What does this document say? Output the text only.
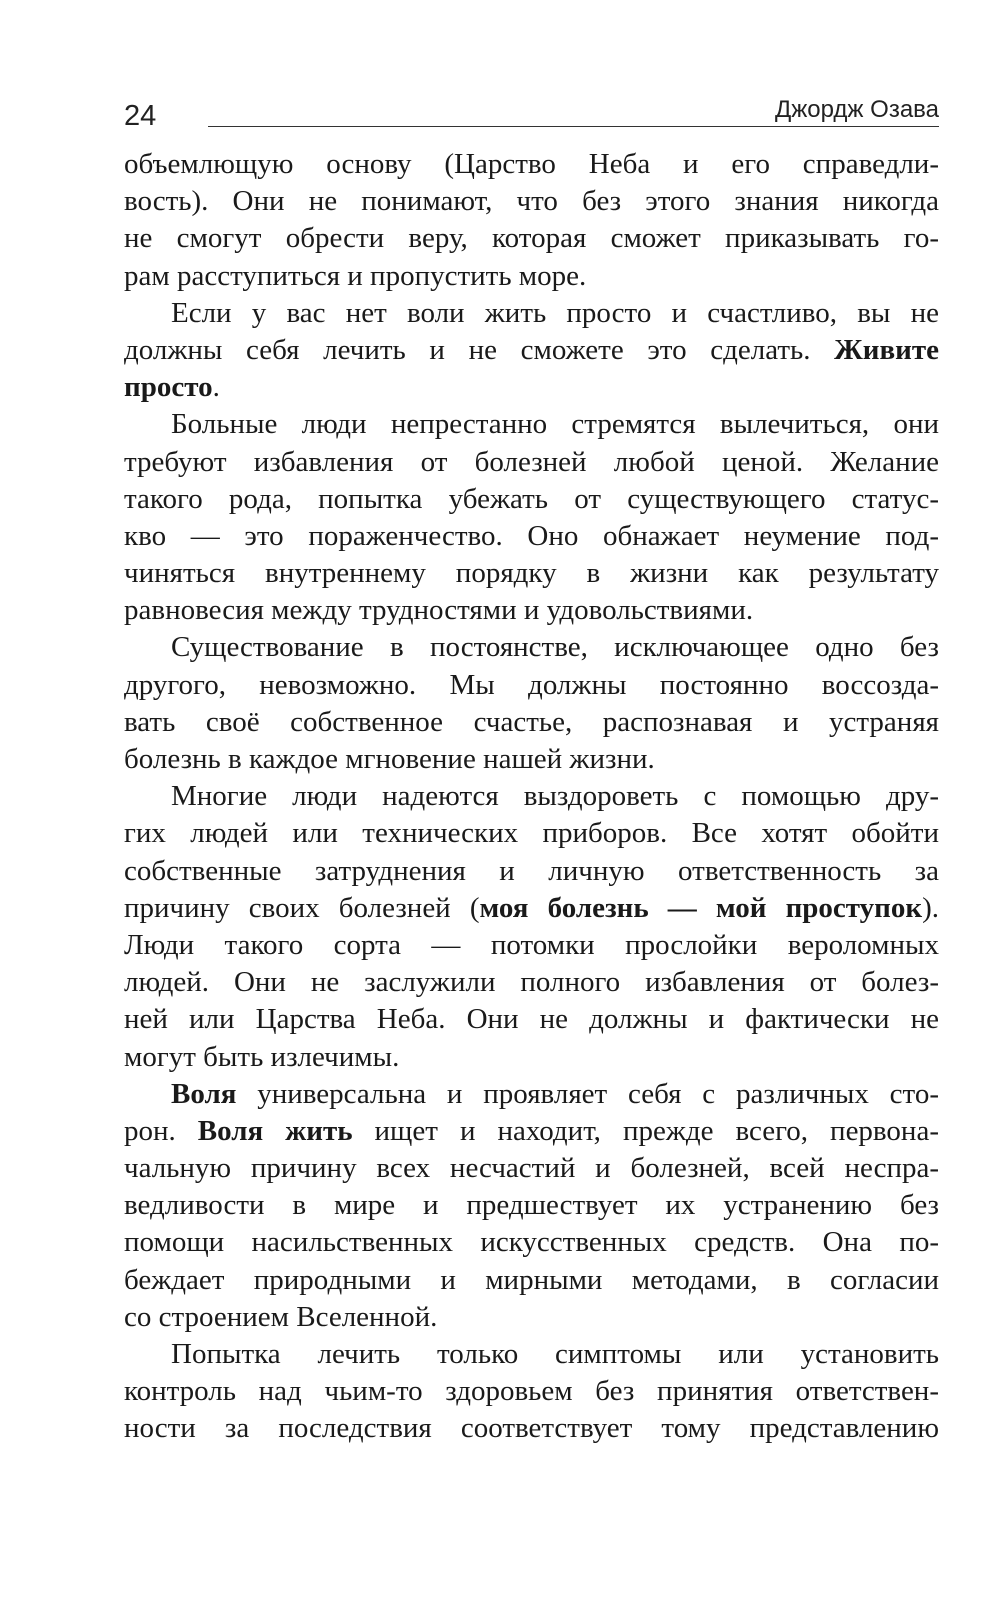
24	Джордж Озава
объемлющую основу (Царство Неба и его справедли-
вость). Они не понимают, что без этого знания никогда
не смогут обрести веру, которая сможет приказывать го-
рам расступиться и пропустить море.
Если у вас нет воли жить просто и счастливо, вы не
должны себя лечить и не сможете это сделать. Живите
просто.
Больные люди непрестанно стремятся вылечиться, они
требуют избавления от болезней любой ценой. Желание
такого рода, попытка убежать от существующего статус-
кво — это пораженчество. Оно обнажает неумение под-
чиняться внутреннему порядку в жизни как результату
равновесия между трудностями и удовольствиями.
Существование в постоянстве, исключающее одно без
другого, невозможно. Мы должны постоянно воссозда-
вать своё собственное счастье, распознавая и устраняя
болезнь в каждое мгновение нашей жизни.
Многие люди надеются выздороветь с помощью дру-
гих людей или технических приборов. Все хотят обойти
собственные затруднения и личную ответственность за
причину своих болезней (моя болезнь — мой проступок).
Люди такого сорта — потомки прослойки вероломных
людей. Они не заслужили полного избавления от болез-
ней или Царства Неба. Они не должны и фактически не
могут быть излечимы.
Воля универсальна и проявляет себя с различных сто-
рон. Воля жить ищет и находит, прежде всего, первона-
чальную причину всех несчастий и болезней, всей неспра-
ведливости в мире и предшествует их устранению без
помощи насильственных искусственных средств. Она по-
беждает природными и мирными методами, в согласии
со строением Вселенной.
Попытка лечить только симптомы или установить
контроль над чьим-то здоровьем без принятия ответствен-
ности за последствия соответствует тому представлению
